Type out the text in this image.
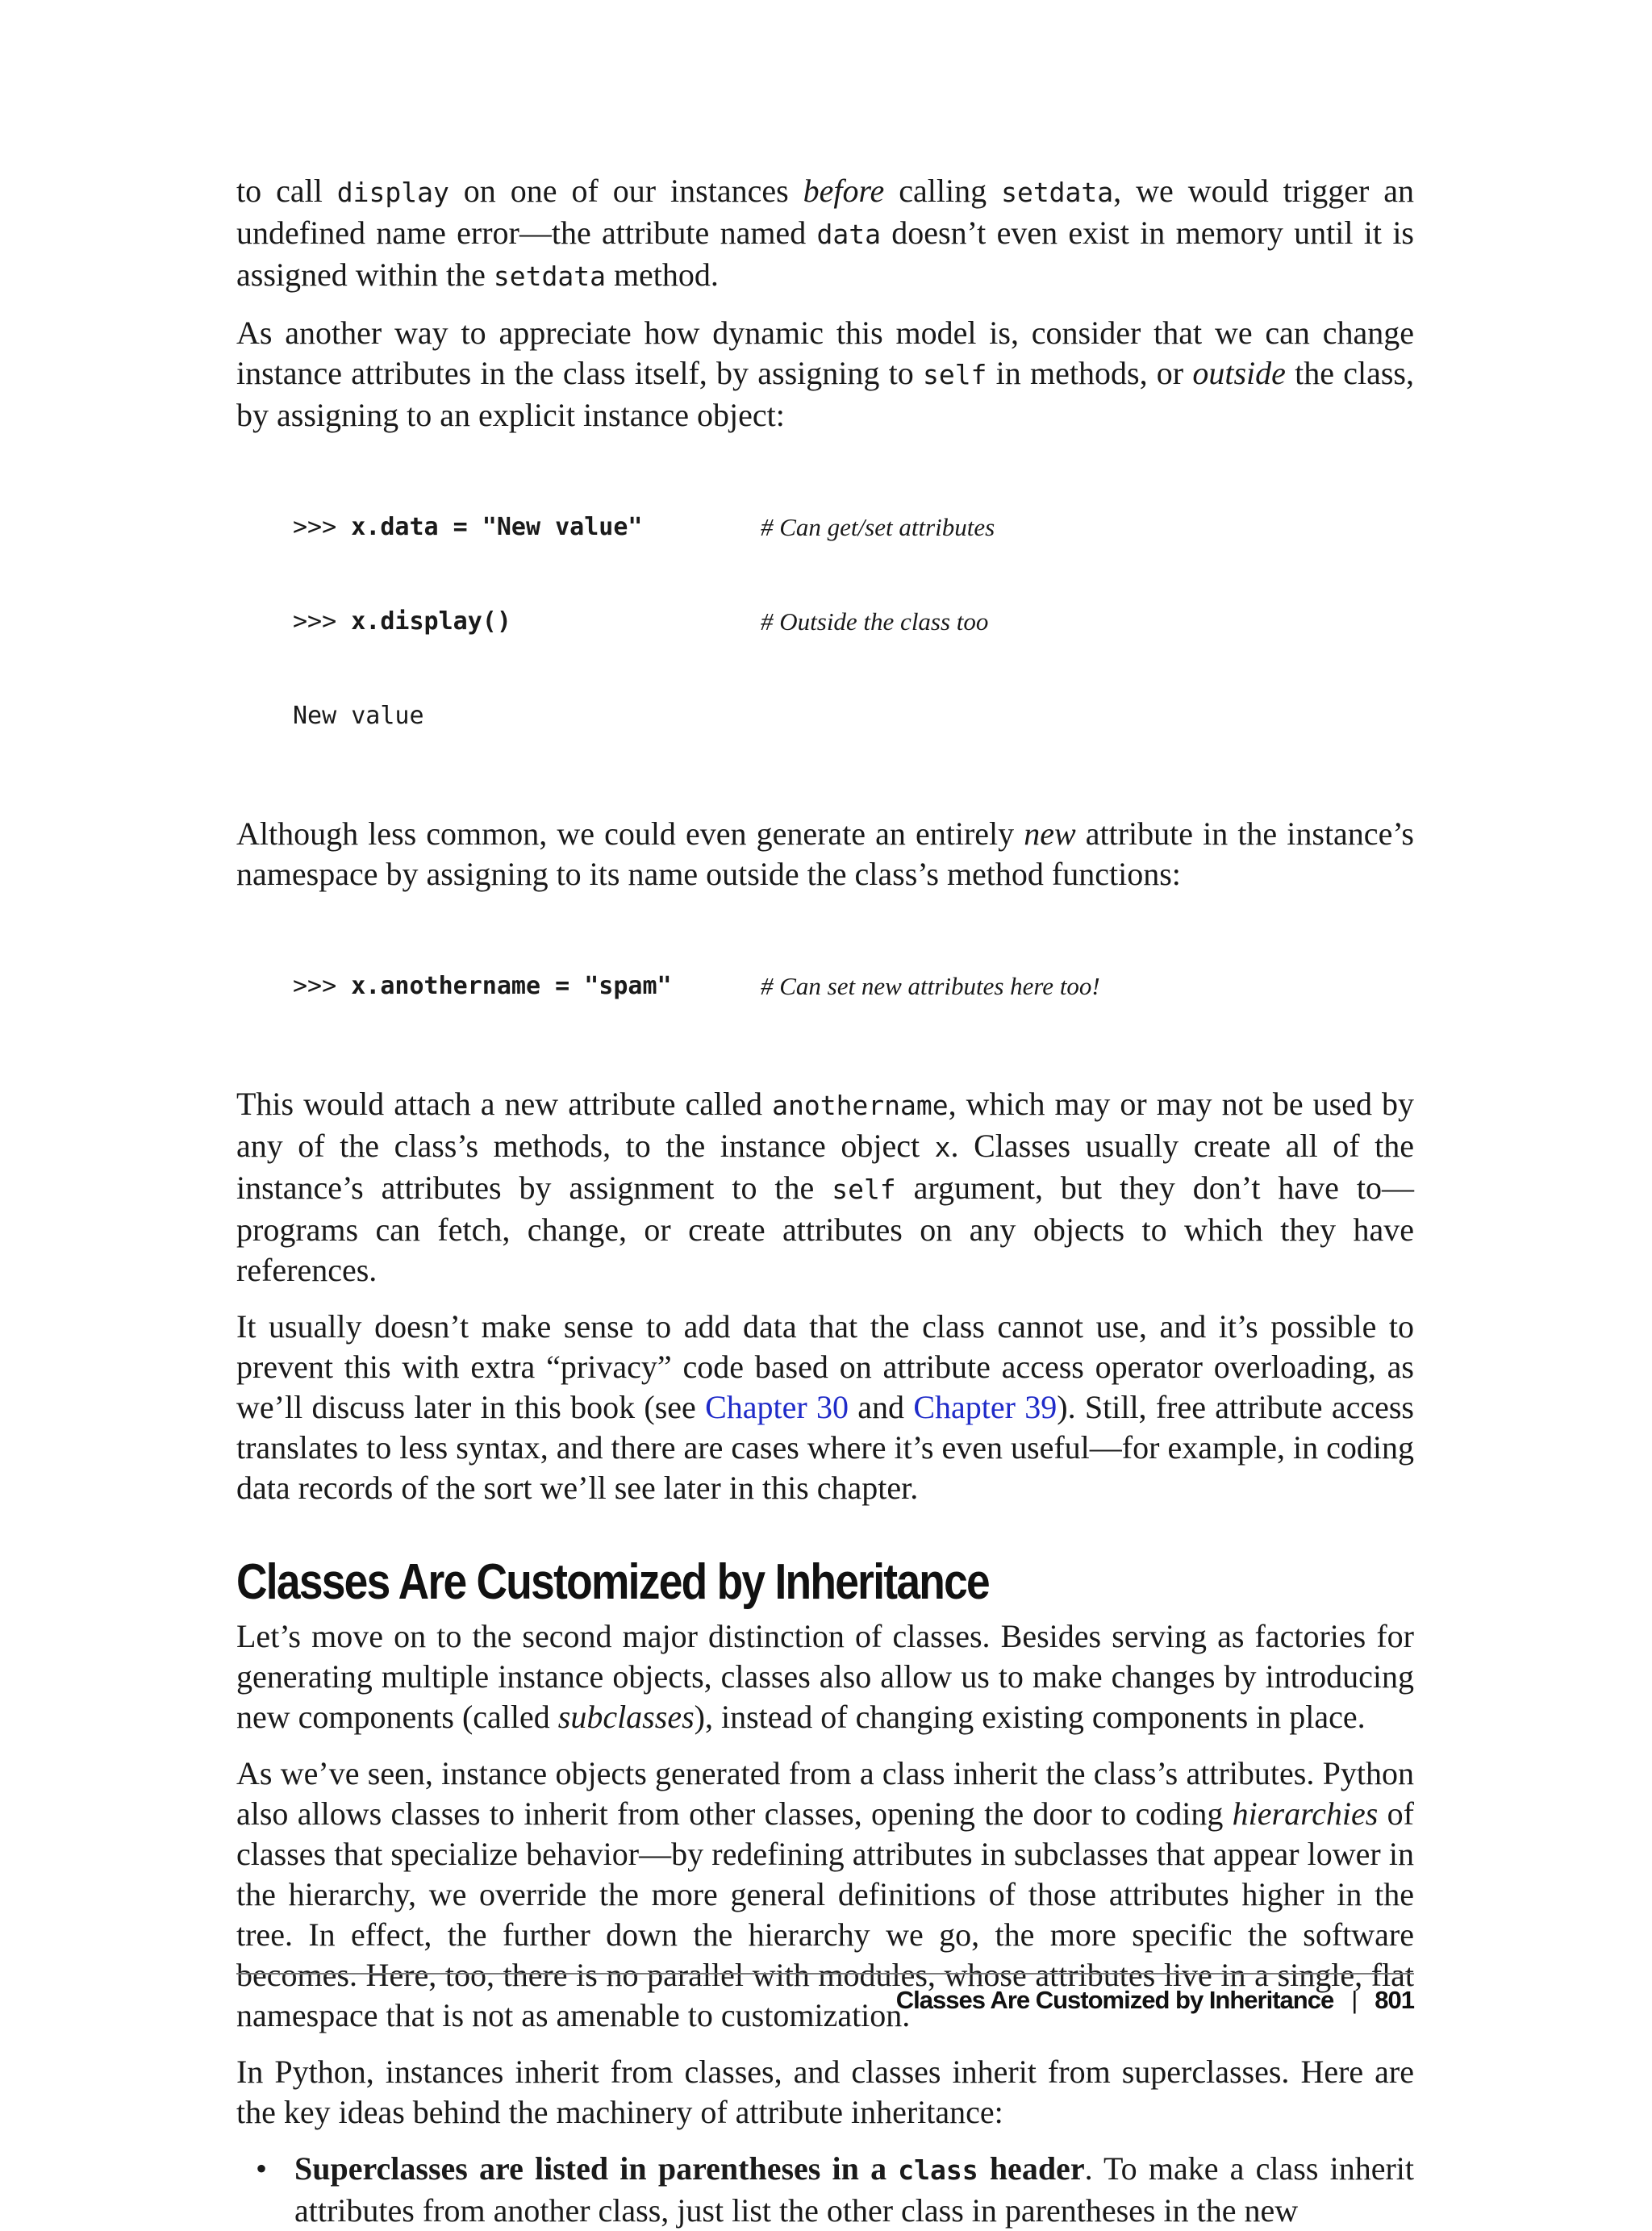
to call display on one of our instances before calling setdata, we would trigger an undefined name error—the attribute named data doesn’t even exist in memory until it is assigned within the setdata method.

As another way to appreciate how dynamic this model is, consider that we can change instance attributes in the class itself, by assigning to self in methods, or outside the class, by assigning to an explicit instance object:

>>> x.data = "New value"	# Can get/set attributes

>>> x.display()	# Outside the class too

New value

Although less common, we could even generate an entirely new attribute in the instance’s namespace by assigning to its name outside the class’s method functions:

>>> x.anothername = "spam"	# Can set new attributes here too!

This would attach a new attribute called anothername, which may or may not be used by any of the class’s methods, to the instance object x. Classes usually create all of the instance’s attributes by assignment to the self argument, but they don’t have to—programs can fetch, change, or create attributes on any objects to which they have references.

It usually doesn’t make sense to add data that the class cannot use, and it’s possible to prevent this with extra “privacy” code based on attribute access operator overloading, as we’ll discuss later in this book (see Chapter 30 and Chapter 39). Still, free attribute access translates to less syntax, and there are cases where it’s even useful—for example, in coding data records of the sort we’ll see later in this chapter.

Classes Are Customized by Inheritance

Let’s move on to the second major distinction of classes. Besides serving as factories for generating multiple instance objects, classes also allow us to make changes by introducing new components (called subclasses), instead of changing existing components in place.

As we’ve seen, instance objects generated from a class inherit the class’s attributes. Python also allows classes to inherit from other classes, opening the door to coding hierarchies of classes that specialize behavior—by redefining attributes in subclasses that appear lower in the hierarchy, we override the more general definitions of those attributes higher in the tree. In effect, the further down the hierarchy we go, the more specific the software becomes. Here, too, there is no parallel with modules, whose attributes live in a single, flat namespace that is not as amenable to customization.

In Python, instances inherit from classes, and classes inherit from superclasses. Here are the key ideas behind the machinery of attribute inheritance:

• Superclasses are listed in parentheses in a class header. To make a class inherit attributes from another class, just list the other class in parentheses in the new
Classes Are Customized by Inheritance | 801
